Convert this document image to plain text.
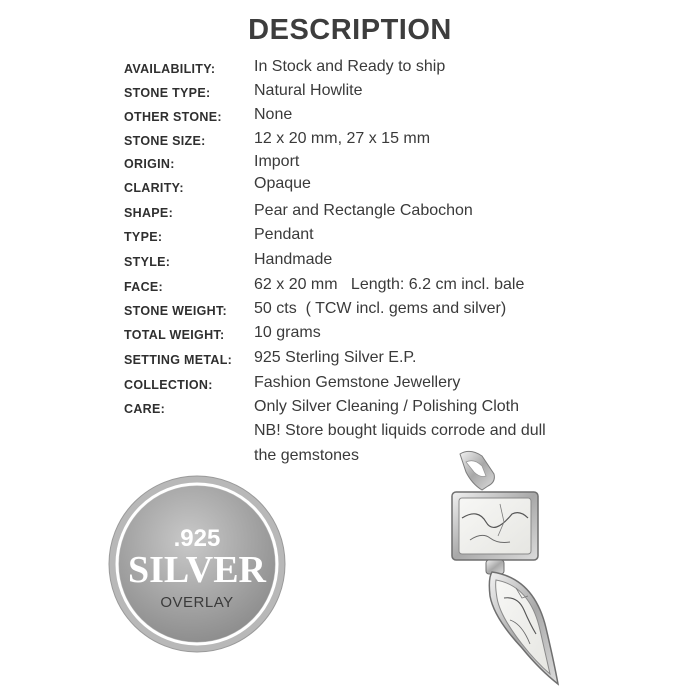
DESCRIPTION
AVAILABILITY: In Stock and Ready to ship
STONE TYPE:	Natural Howlite
OTHER STONE: None
STONE SIZE:	12 x 20 mm, 27 x 15 mm
ORIGIN:	Import
CLARITY:	Opaque
SHAPE:	Pear and Rectangle Cabochon
TYPE:	Pendant
STYLE:	Handmade
FACE:	62 x 20 mm   Length: 6.2 cm incl. bale
STONE WEIGHT: 50 cts  ( TCW incl. gems and silver)
TOTAL WEIGHT: 10 grams
SETTING METAL: 925 Sterling Silver E.P.
COLLECTION:	Fashion Gemstone Jewellery
CARE:	Only Silver Cleaning / Polishing Cloth
NB! Store bought liquids corrode and dull
the gemstones
.925
SILVER
OVERLAY
